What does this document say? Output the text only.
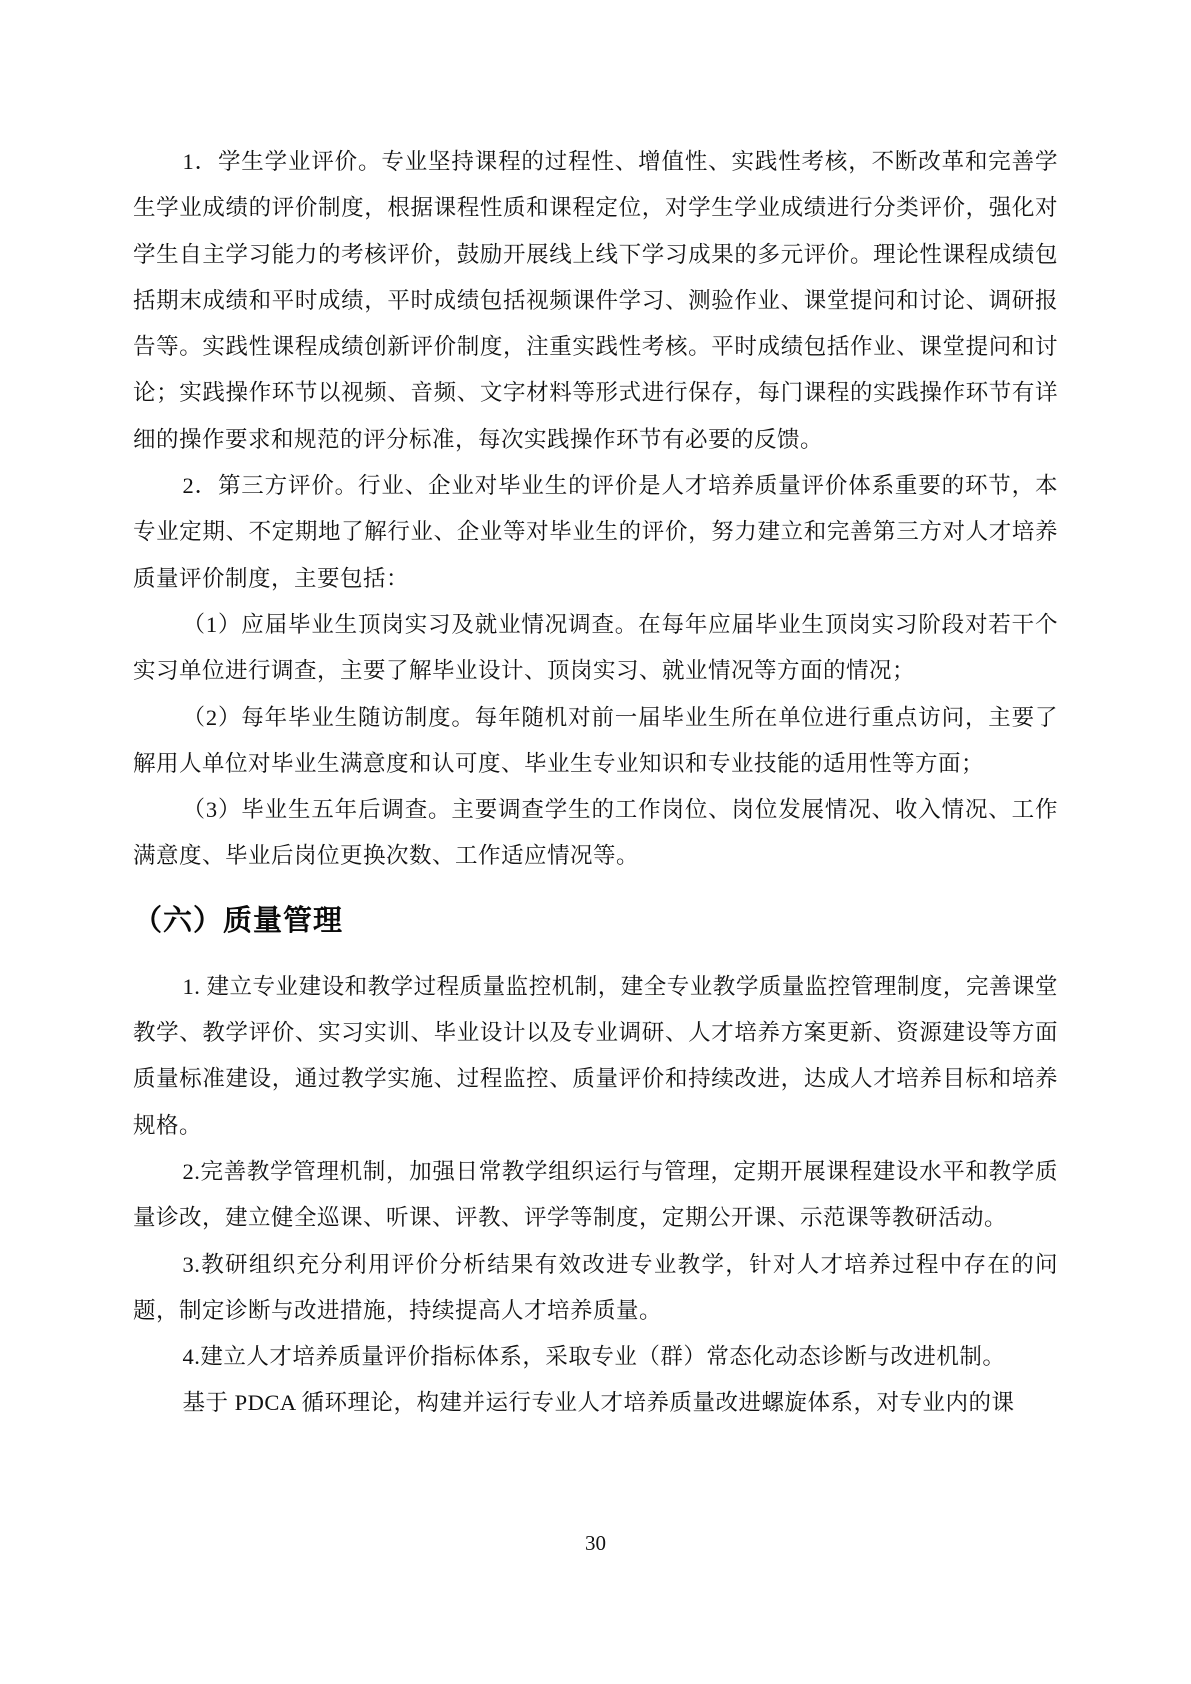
1．学生学业评价。专业坚持课程的过程性、增值性、实践性考核，不断改革和完善学生学业成绩的评价制度，根据课程性质和课程定位，对学生学业成绩进行分类评价，强化对学生自主学习能力的考核评价，鼓励开展线上线下学习成果的多元评价。理论性课程成绩包括期末成绩和平时成绩，平时成绩包括视频课件学习、测验作业、课堂提问和讨论、调研报告等。实践性课程成绩创新评价制度，注重实践性考核。平时成绩包括作业、课堂提问和讨论；实践操作环节以视频、音频、文字材料等形式进行保存，每门课程的实践操作环节有详细的操作要求和规范的评分标准，每次实践操作环节有必要的反馈。

2．第三方评价。行业、企业对毕业生的评价是人才培养质量评价体系重要的环节，本专业定期、不定期地了解行业、企业等对毕业生的评价，努力建立和完善第三方对人才培养质量评价制度，主要包括：

（1）应届毕业生顶岗实习及就业情况调查。在每年应届毕业生顶岗实习阶段对若干个实习单位进行调查，主要了解毕业设计、顶岗实习、就业情况等方面的情况；

（2）每年毕业生随访制度。每年随机对前一届毕业生所在单位进行重点访问，主要了解用人单位对毕业生满意度和认可度、毕业生专业知识和专业技能的适用性等方面；

（3）毕业生五年后调查。主要调查学生的工作岗位、岗位发展情况、收入情况、工作满意度、毕业后岗位更换次数、工作适应情况等。

（六）质量管理

1. 建立专业建设和教学过程质量监控机制，建全专业教学质量监控管理制度，完善课堂教学、教学评价、实习实训、毕业设计以及专业调研、人才培养方案更新、资源建设等方面质量标准建设，通过教学实施、过程监控、质量评价和持续改进，达成人才培养目标和培养规格。

2.完善教学管理机制，加强日常教学组织运行与管理，定期开展课程建设水平和教学质量诊改，建立健全巡课、听课、评教、评学等制度，定期公开课、示范课等教研活动。

3.教研组织充分利用评价分析结果有效改进专业教学，针对人才培养过程中存在的问题，制定诊断与改进措施，持续提高人才培养质量。

4.建立人才培养质量评价指标体系，采取专业（群）常态化动态诊断与改进机制。

基于 PDCA 循环理论，构建并运行专业人才培养质量改进螺旋体系，对专业内的课

30
